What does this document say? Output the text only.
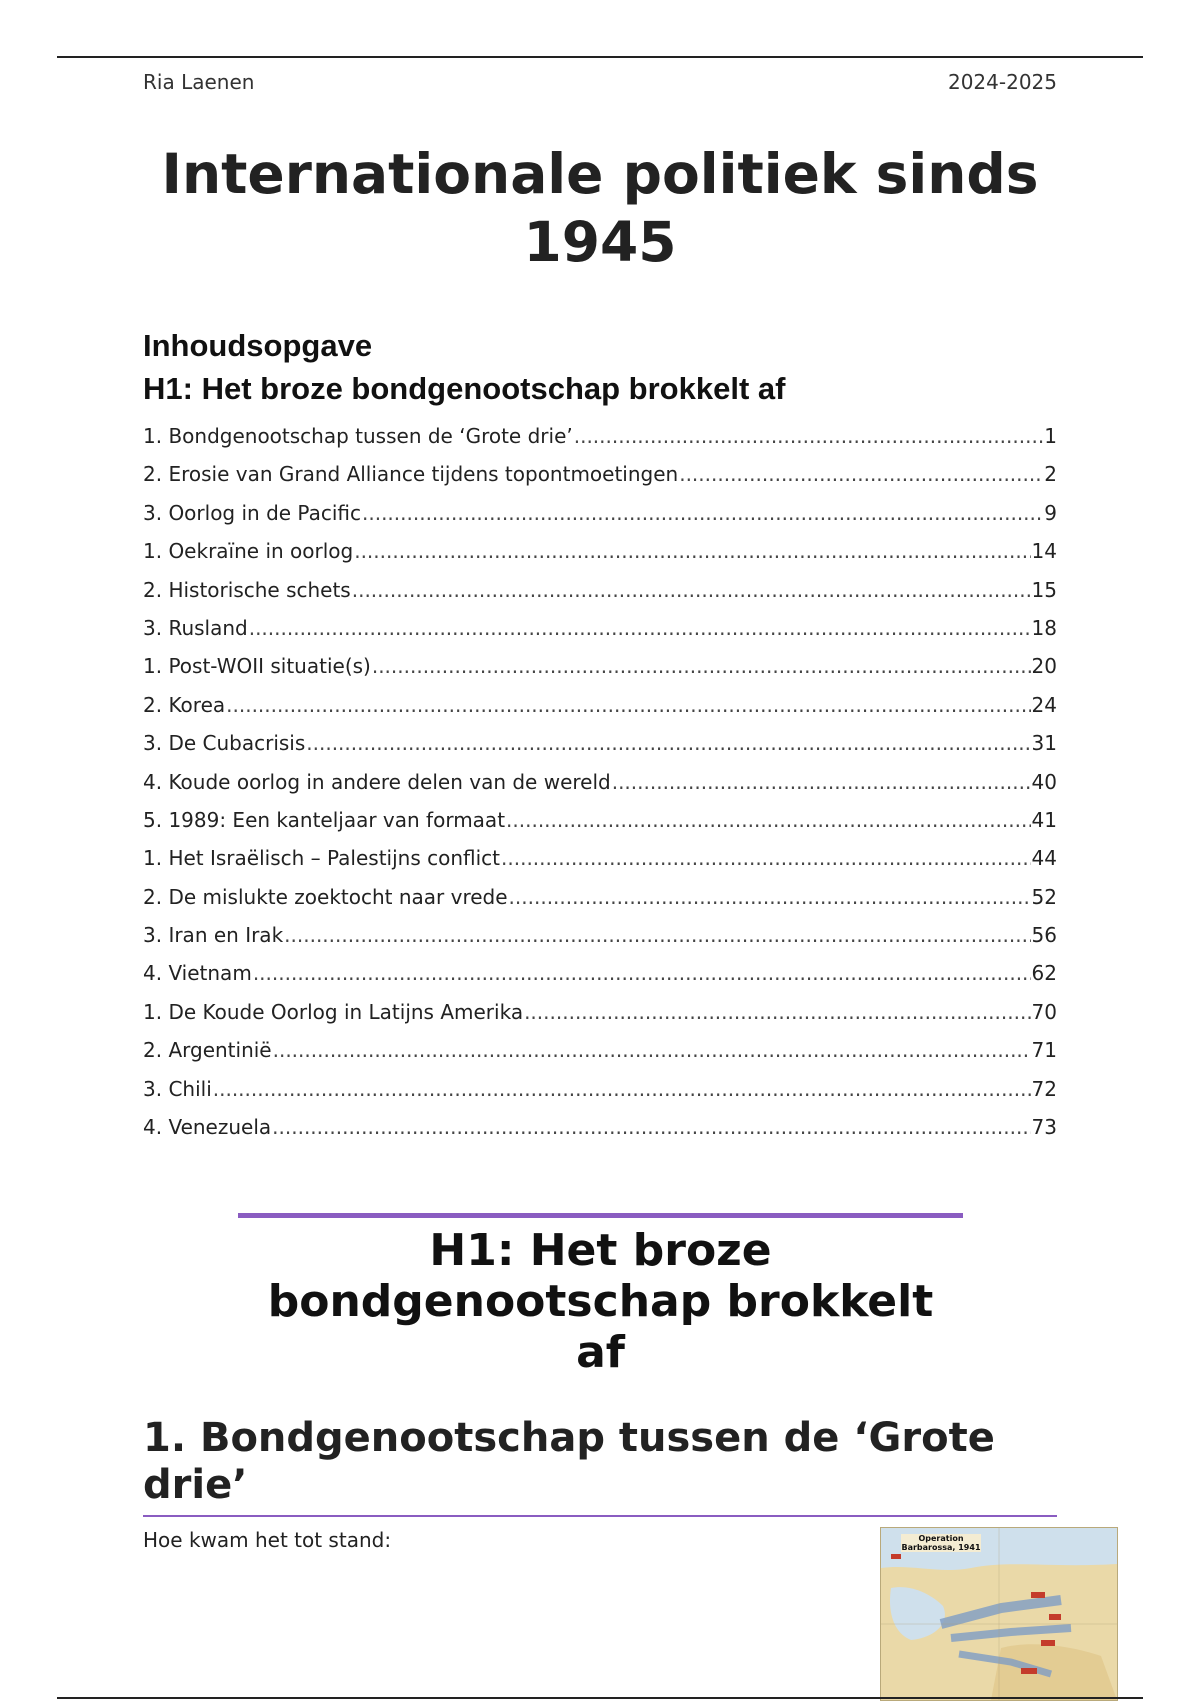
Ria Laenen	2024-2025
Internationale politiek sinds 1945
Inhoudsopgave
H1: Het broze bondgenootschap brokkelt af
1. Bondgenootschap tussen de ‘Grote drie’ .....	1
2. Erosie van Grand Alliance tijdens topontmoetingen .....	2
3. Oorlog in de Pacific .....	9
1. Oekraïne in oorlog .....	14
2. Historische schets .....	15
3. Rusland .....	18
1. Post-WOII situatie(s) .....	20
2. Korea .....	24
3. De Cubacrisis .....	31
4. Koude oorlog in andere delen van de wereld .....	40
5. 1989: Een kanteljaar van formaat .....	41
1. Het Israëlisch – Palestijns conflict .....	44
2. De mislukte zoektocht naar vrede .....	52
3. Iran en Irak .....	56
4. Vietnam .....	62
1. De Koude Oorlog in Latijns Amerika .....	70
2. Argentinië .....	71
3. Chili .....	72
4. Venezuela .....	73
H1: Het broze bondgenootschap brokkelt af
1. Bondgenootschap tussen de ‘Grote drie’
Hoe kwam het tot stand:	Operation Barbarossa, 1941
